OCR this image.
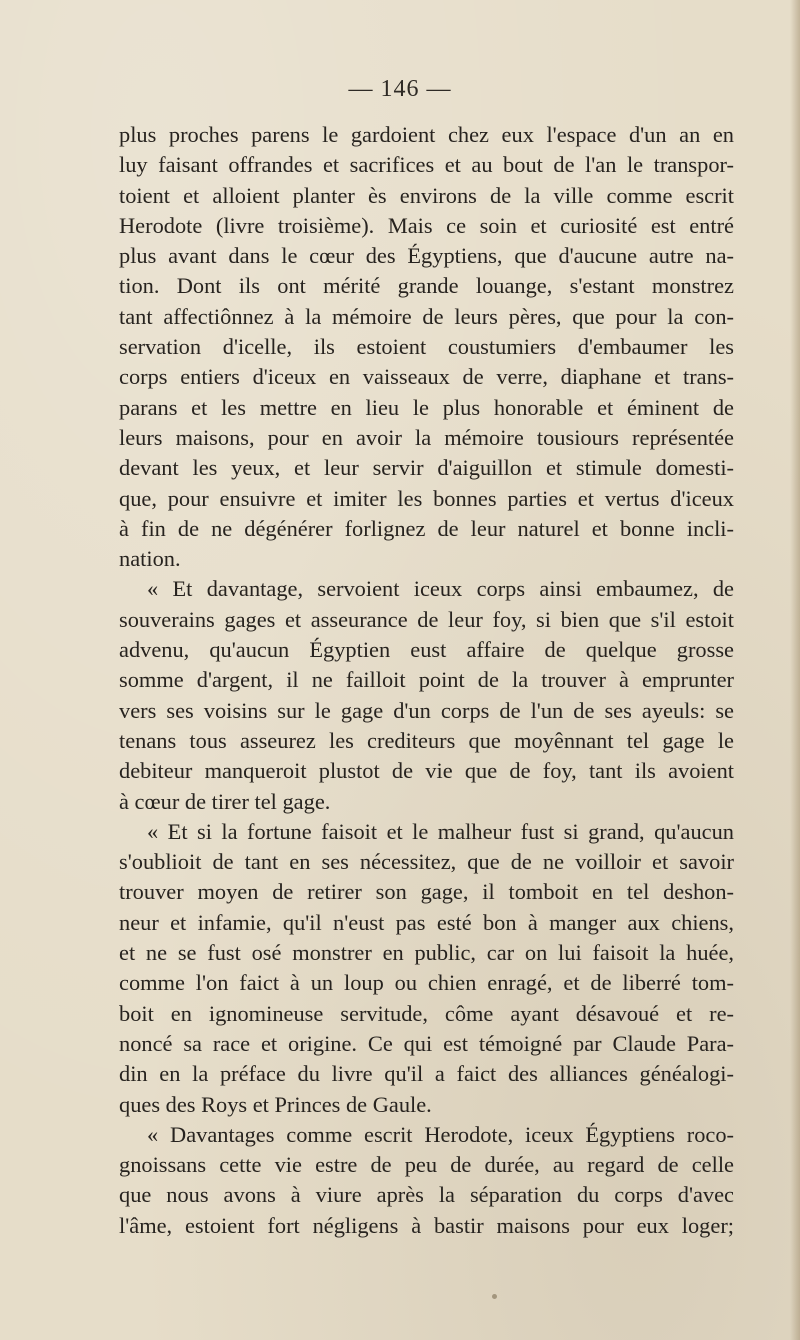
— 146 —
plus proches parens le gardoient chez eux l'espace d'un an en
luy faisant offrandes et sacrifices et au bout de l'an le transpor-
toient et alloient planter ès environs de la ville comme escrit
Herodote (livre troisième). Mais ce soin et curiosité est entré
plus avant dans le cœur des Égyptiens, que d'aucune autre na-
tion. Dont ils ont mérité grande louange, s'estant monstrez
tant affectiônnez à la mémoire de leurs pères, que pour la con-
servation d'icelle, ils estoient coustumiers d'embaumer les
corps entiers d'iceux en vaisseaux de verre, diaphane et trans-
parans et les mettre en lieu le plus honorable et éminent de
leurs maisons, pour en avoir la mémoire tousiours représentée
devant les yeux, et leur servir d'aiguillon et stimule domesti-
que, pour ensuivre et imiter les bonnes parties et vertus d'iceux
à fin de ne dégénérer forlignez de leur naturel et bonne incli-
nation.
« Et davantage, servoient iceux corps ainsi embaumez, de
souverains gages et asseurance de leur foy, si bien que s'il estoit
advenu, qu'aucun Égyptien eust affaire de quelque grosse
somme d'argent, il ne failloit point de la trouver à emprunter
vers ses voisins sur le gage d'un corps de l'un de ses ayeuls: se
tenans tous asseurez les crediteurs que moyênnant tel gage le
debiteur manqueroit plustot de vie que de foy, tant ils avoient
à cœur de tirer tel gage.
« Et si la fortune faisoit et le malheur fust si grand, qu'aucun
s'oublioit de tant en ses nécessitez, que de ne voilloir et savoir
trouver moyen de retirer son gage, il tomboit en tel deshon-
neur et infamie, qu'il n'eust pas esté bon à manger aux chiens,
et ne se fust osé monstrer en public, car on lui faisoit la huée,
comme l'on faict à un loup ou chien enragé, et de liberré tom-
boit en ignomineuse servitude, côme ayant désavoué et re-
noncé sa race et origine. Ce qui est témoigné par Claude Para-
din en la préface du livre qu'il a faict des alliances généalogi-
ques des Roys et Princes de Gaule.
« Davantages comme escrit Herodote, iceux Égyptiens roco-
gnoissans cette vie estre de peu de durée, au regard de celle
que nous avons à viure après la séparation du corps d'avec
l'âme, estoient fort négligens à bastir maisons pour eux loger;
